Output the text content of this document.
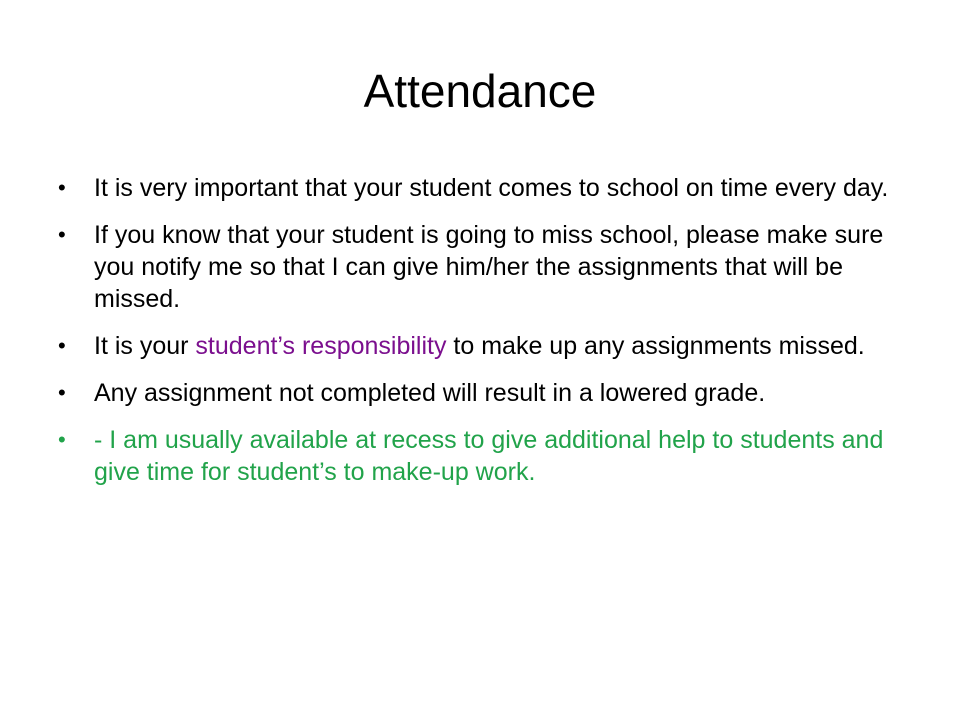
Attendance
•	It is very important that your student comes to school on time every day.
•	If you know that your student is going to miss school, please make sure you notify me so that I can give him/her the assignments that will be missed.
•	It is your student’s responsibility to make up any assignments missed.
•	Any assignment not completed will result in a lowered grade.
•	- I am usually available at recess to give additional help to students and give time for student’s to make-up work.
